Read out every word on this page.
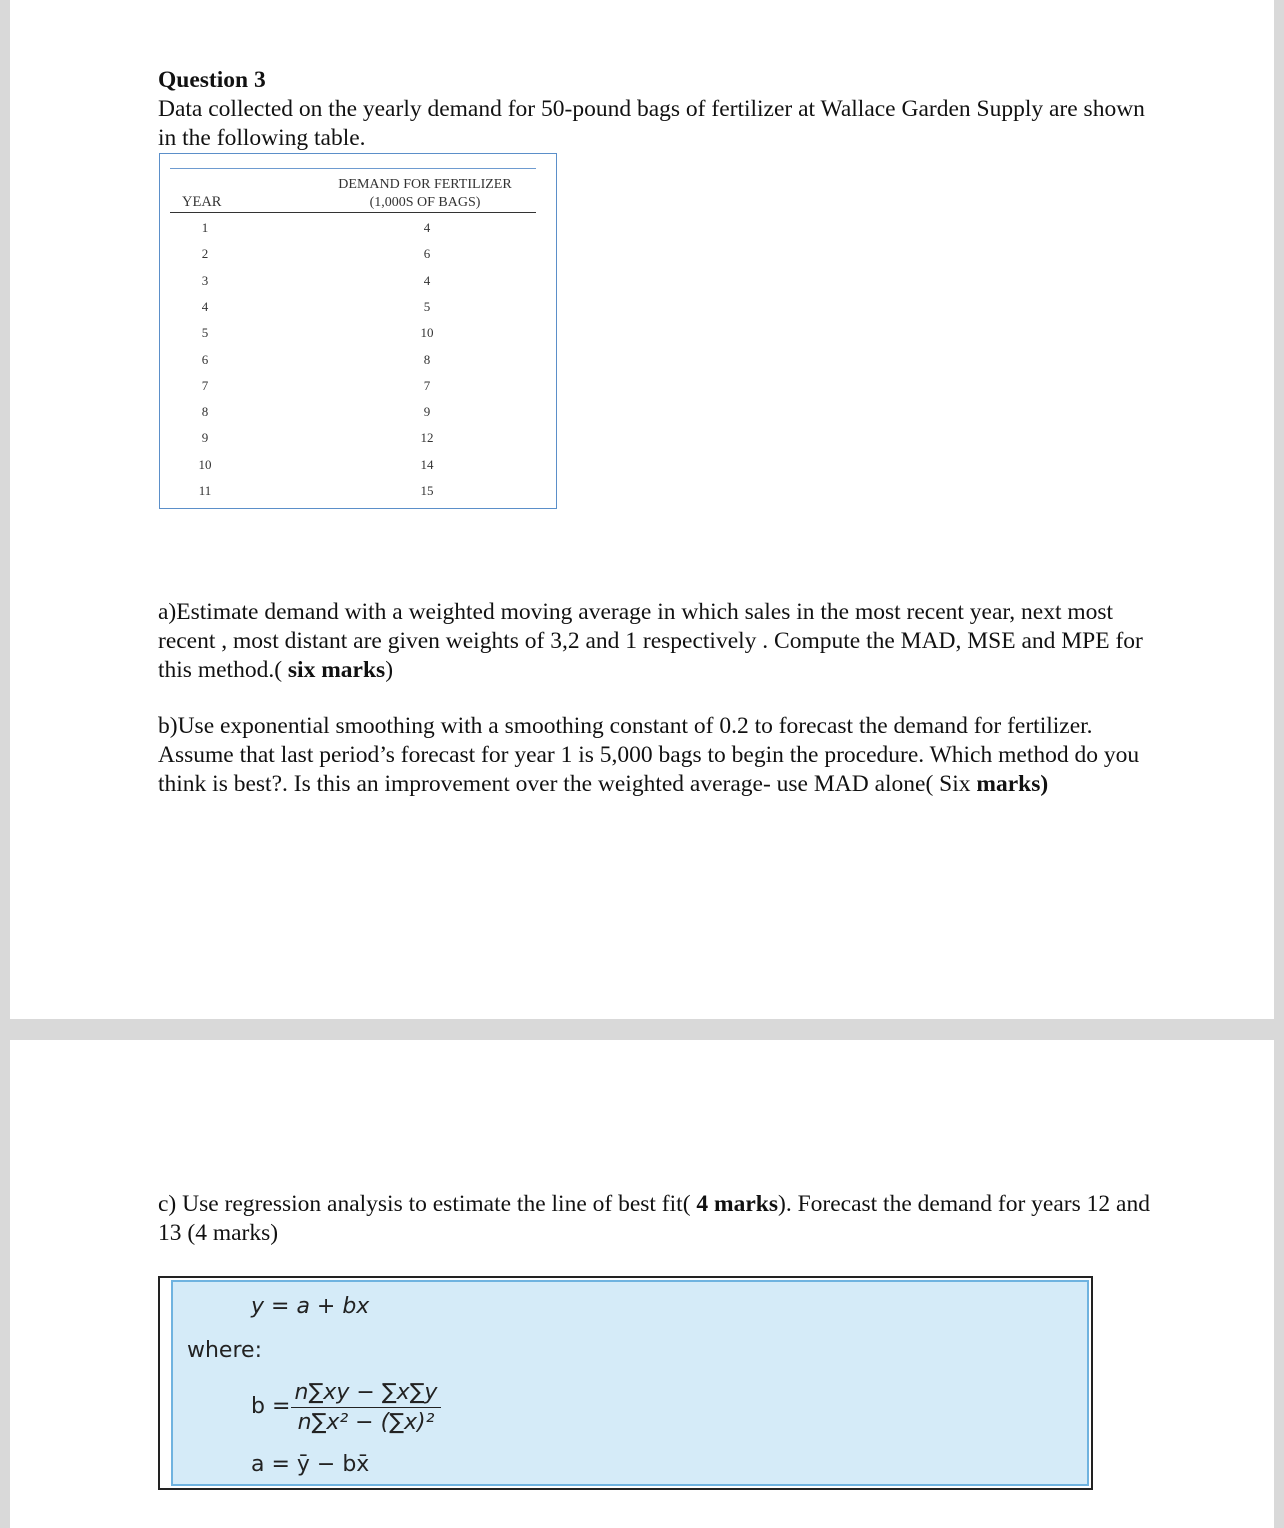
Question 3
Data collected on the yearly demand for 50-pound bags of fertilizer at Wallace Garden Supply are shown in the following table.
YEAR
DEMAND FOR FERTILIZER
(1,000S OF BAGS)
1	4
2	6
3	4
4	5
5	10
6	8
7	7
8	9
9	12
10	14
11	15
a)Estimate demand with a weighted moving average in which sales in the most recent year, next most recent , most distant are given weights of 3,2 and 1 respectively . Compute the MAD, MSE and MPE for this method.( six marks)
b)Use exponential smoothing with a smoothing constant of 0.2 to forecast the demand for fertilizer. Assume that last period’s forecast for year 1 is 5,000 bags to begin the procedure. Which method do you think is best?. Is this an improvement over the weighted average- use MAD alone( Six marks)
c) Use regression analysis to estimate the line of best fit( 4 marks). Forecast the demand for years 12 and 13 (4 marks)
y = a + bx
where:
$b = \frac{n\sum xy - \sum x\sum y}{\text{n∑x² − (∑x)²}}$
a = ȳ − bx̄
